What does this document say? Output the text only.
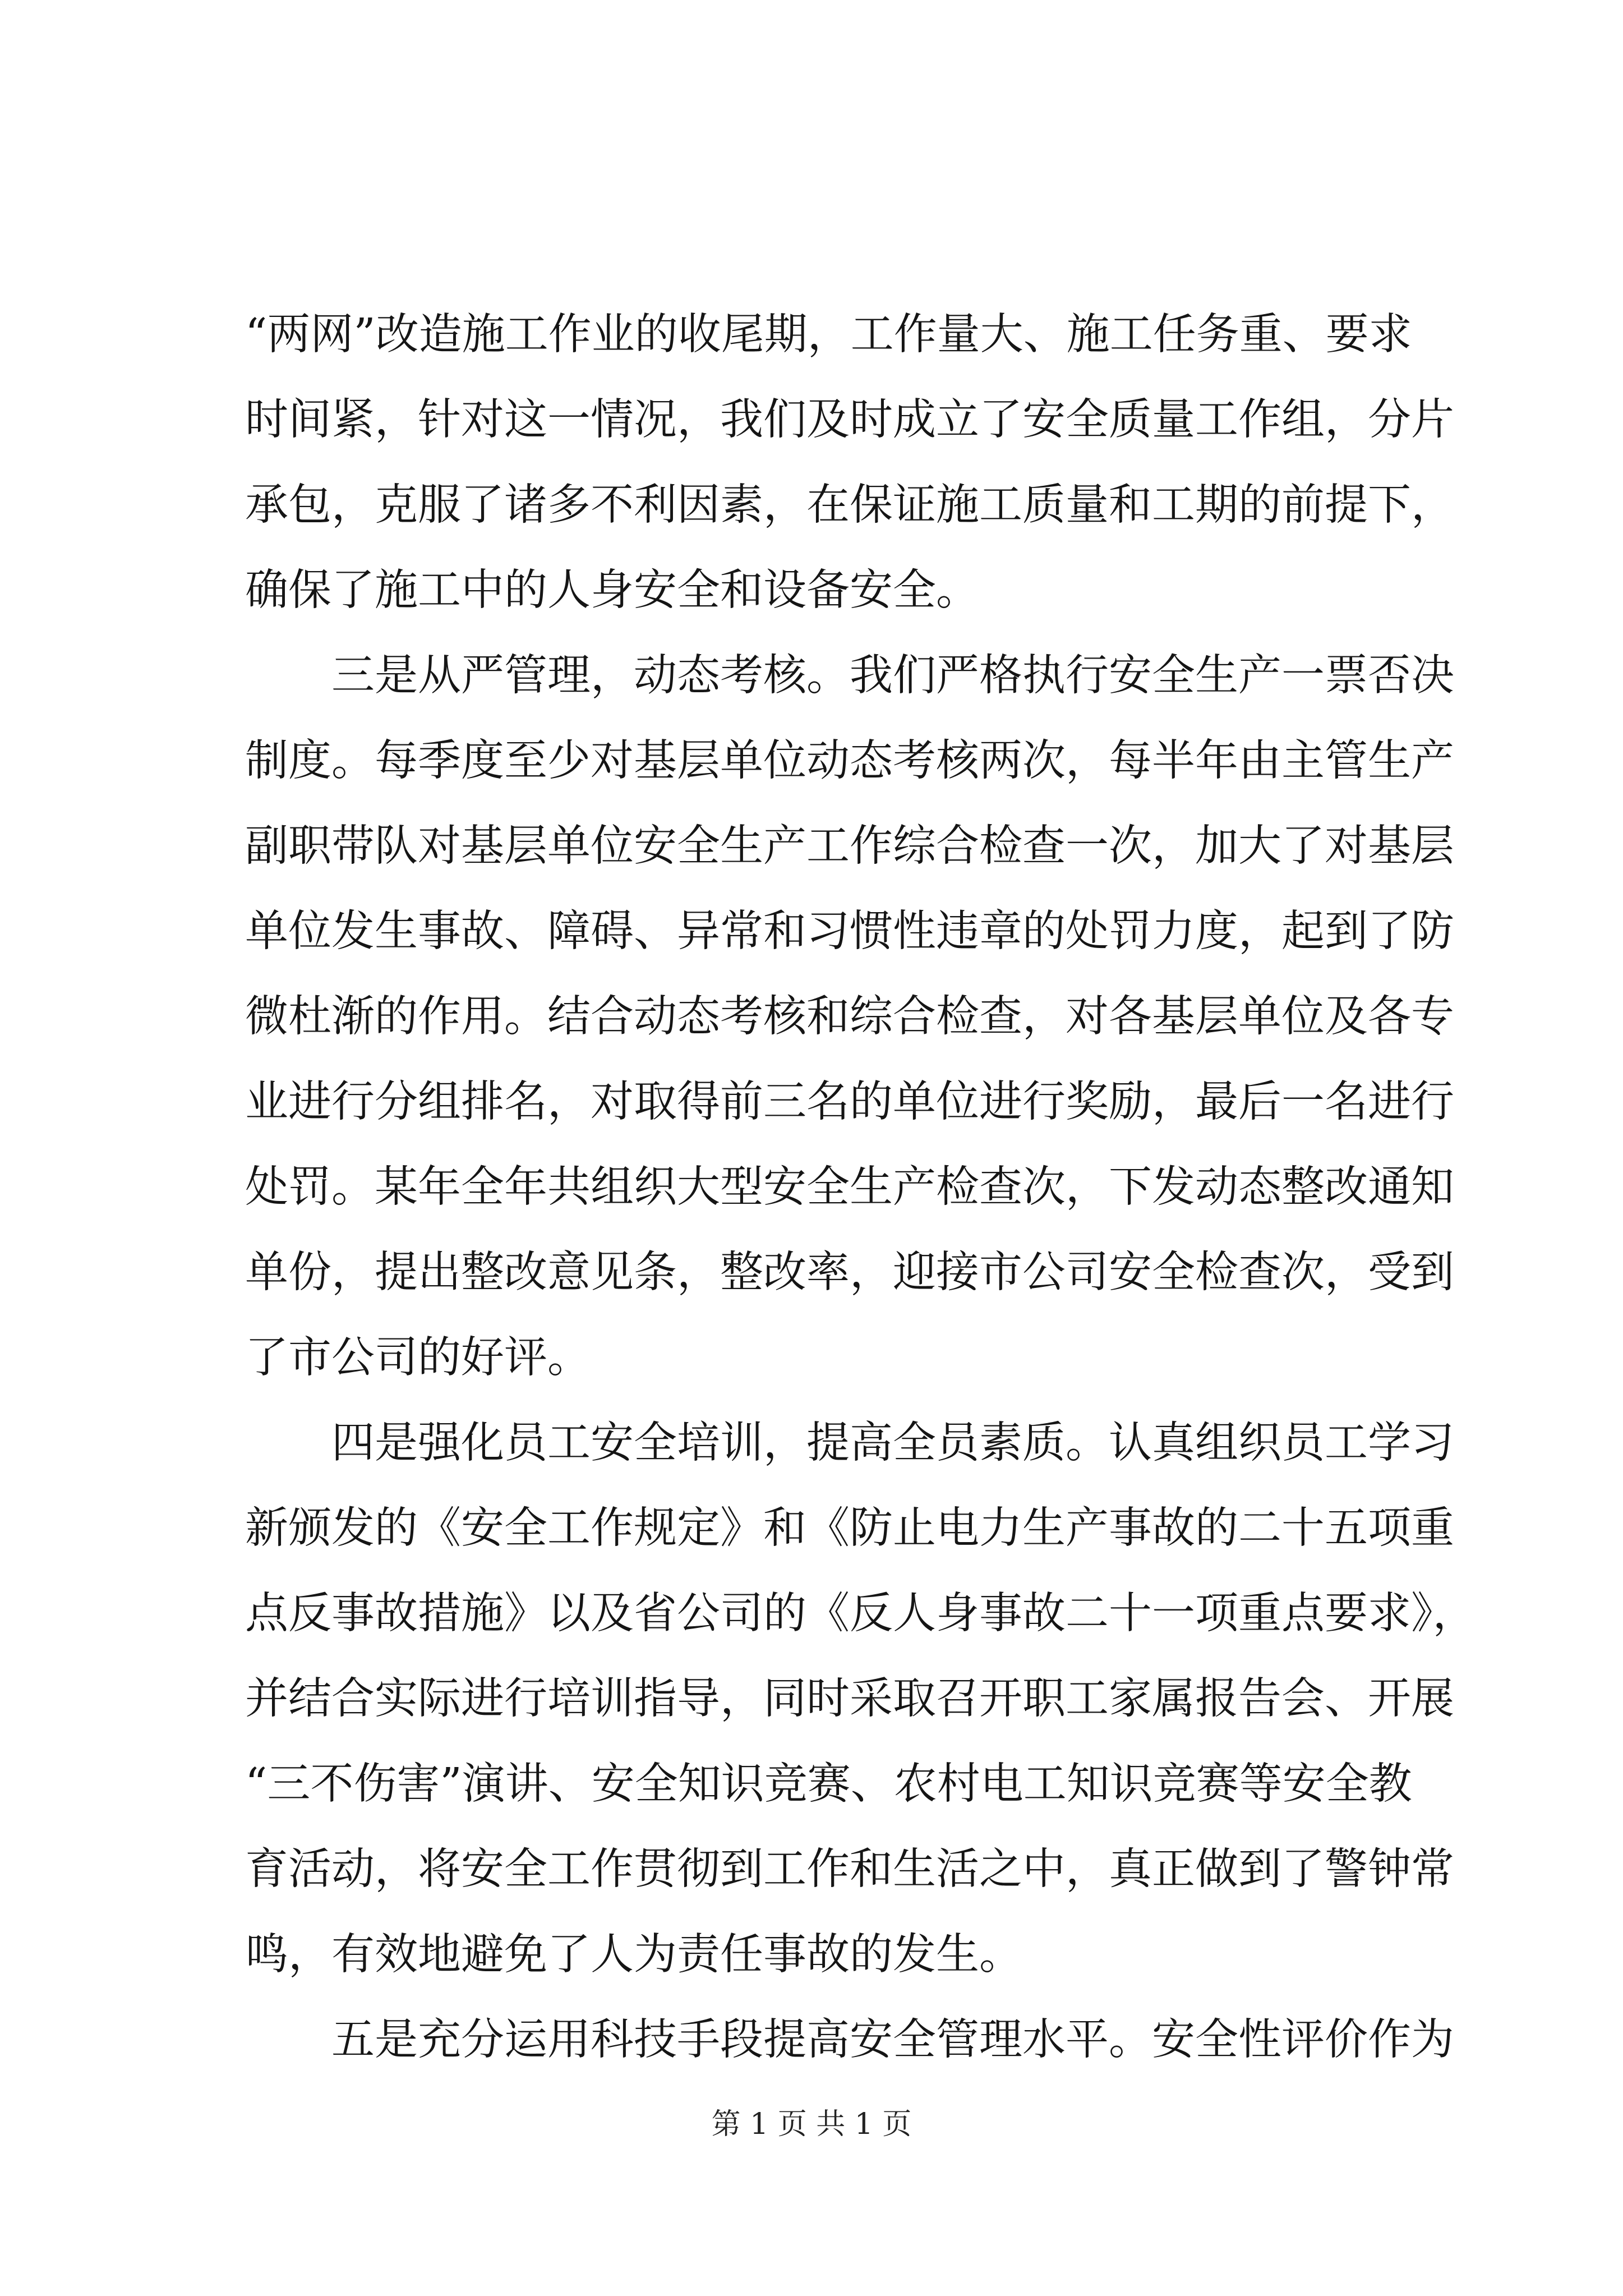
“两网”改造施工作业的收尾期，工作量大、施工任务重、要求
时间紧，针对这一情况，我们及时成立了安全质量工作组，分片
承包，克服了诸多不利因素，在保证施工质量和工期的前提下，
确保了施工中的人身安全和设备安全。
三是从严管理，动态考核。我们严格执行安全生产一票否决
制度。每季度至少对基层单位动态考核两次，每半年由主管生产
副职带队对基层单位安全生产工作综合检查一次，加大了对基层
单位发生事故、障碍、异常和习惯性违章的处罚力度，起到了防
微杜渐的作用。结合动态考核和综合检查，对各基层单位及各专
业进行分组排名，对取得前三名的单位进行奖励，最后一名进行
处罚。某年全年共组织大型安全生产检查次，下发动态整改通知
单份，提出整改意见条，整改率，迎接市公司安全检查次，受到
了市公司的好评。
四是强化员工安全培训，提高全员素质。认真组织员工学习
新颁发的《安全工作规定》和《防止电力生产事故的二十五项重
点反事故措施》以及省公司的《反人身事故二十一项重点要求》，
并结合实际进行培训指导，同时采取召开职工家属报告会、开展
“三不伤害”演讲、安全知识竞赛、农村电工知识竞赛等安全教
育活动，将安全工作贯彻到工作和生活之中，真正做到了警钟常
鸣，有效地避免了人为责任事故的发生。
五是充分运用科技手段提高安全管理水平。安全性评价作为
第 1 页 共 1 页
